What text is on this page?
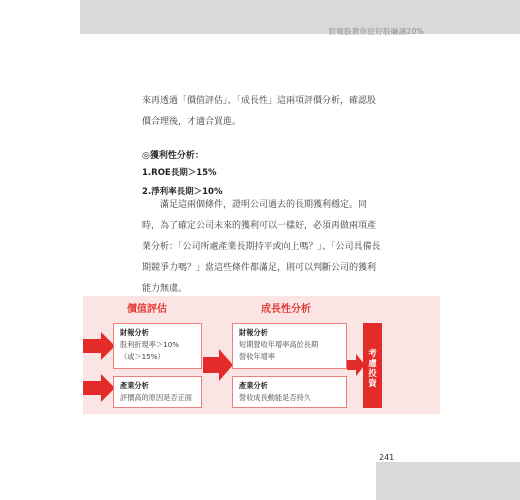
對報股教你挖好股賺讓20%
來再透過「價值評估」、「成長性」這兩項評價分析，確認股價合理後，才適合買進。
◎獲利性分析：
1.ROE長期＞15%
2.淨利率長期＞10%
滿足這兩個條件，證明公司過去的長期獲利穩定。同時，為了確定公司未來的獲利可以一樣好，必須再做兩項產業分析：「公司所處產業長期持平或向上嗎？」、「公司具備長期競爭力嗎？」當這些條件都滿足，則可以判斷公司的獲利能力無虞。
價值評估	成長性分析
財報分析
股利折現率＞10%
（或＞15%）
產業分析
評價高的原因是否正面
財報分析
短期營收年增率高於長期
營收年增率
產業分析
營收成長動能是否持久
考
慮
投
資
241
